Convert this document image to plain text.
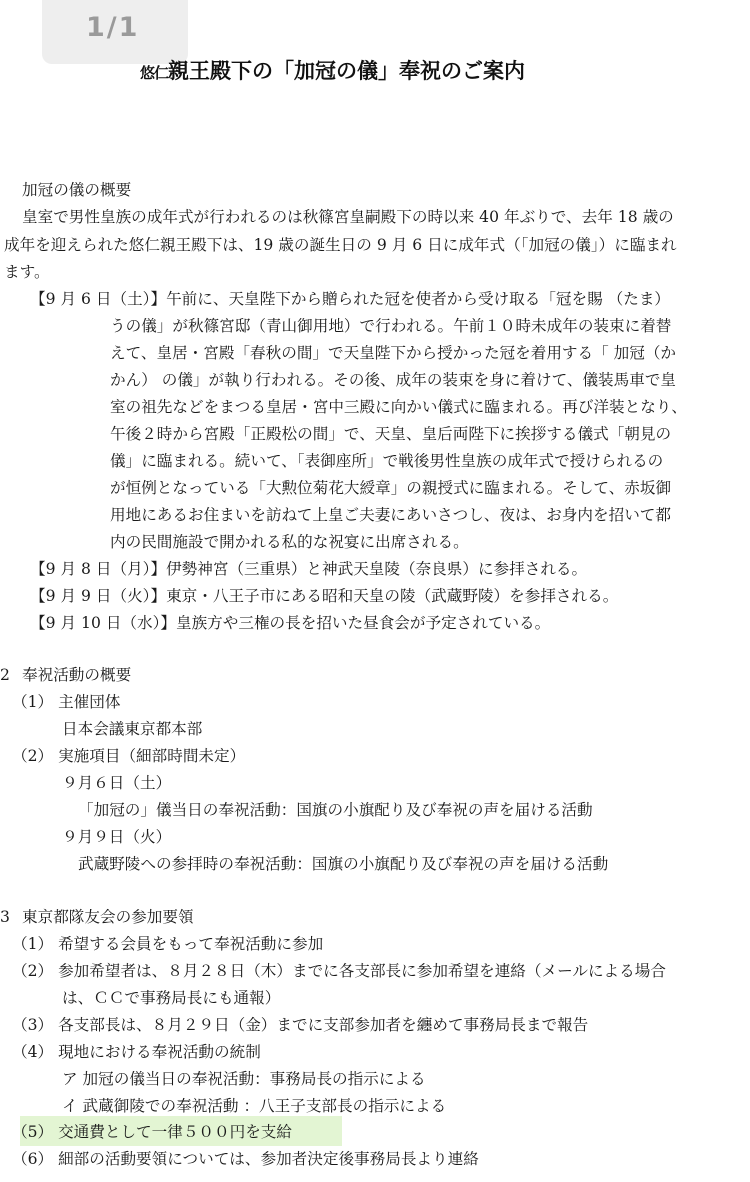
1/1
悠仁親王殿下の「加冠の儀」奉祝のご案内
加冠の儀の概要
皇室で男性皇族の成年式が行われるのは秋篠宮皇嗣殿下の時以来 40 年ぶりで、去年 18 歳の
成年を迎えられた悠仁親王殿下は、19 歳の誕生日の 9 月 6 日に成年式（「加冠の儀」）に臨まれ
ます。
【9 月 6 日（土）】午前に、天皇陛下から贈られた冠を使者から受け取る「冠を賜 （たま）
うの儀」が秋篠宮邸（青山御用地）で行われる。午前１０時未成年の装束に着替
えて、皇居・宮殿「春秋の間」で天皇陛下から授かった冠を着用する「 加冠（か
かん） の儀」が執り行われる。その後、成年の装束を身に着けて、儀装馬車で皇
室の祖先などをまつる皇居・宮中三殿に向かい儀式に臨まれる。再び洋装となり、
午後２時から宮殿「正殿松の間」で、天皇、皇后両陛下に挨拶する儀式「朝見の
儀」に臨まれる。続いて、「表御座所」で戦後男性皇族の成年式で授けられるの
が恒例となっている「大勲位菊花大綬章」の親授式に臨まれる。そして、赤坂御
用地にあるお住まいを訪ねて上皇ご夫妻にあいさつし、夜は、お身内を招いて都
内の民間施設で開かれる私的な祝宴に出席される。
【9 月 8 日（月）】伊勢神宮（三重県）と神武天皇陵（奈良県）に参拝される。
【9 月 9 日（火）】東京・八王子市にある昭和天皇の陵（武蔵野陵）を参拝される。
【9 月 10 日（水）】皇族方や三権の長を招いた昼食会が予定されている。
2 奉祝活動の概要
（1） 主催団体
日本会議東京都本部
（2） 実施項目（細部時間未定）
９月６日（土）
「加冠の」儀当日の奉祝活動：国旗の小旗配り及び奉祝の声を届ける活動
９月９日（火）
武蔵野陵への参拝時の奉祝活動：国旗の小旗配り及び奉祝の声を届ける活動
3 東京都隊友会の参加要領
（1） 希望する会員をもって奉祝活動に参加
（2） 参加希望者は、８月２８日（木）までに各支部長に参加希望を連絡（メールによる場合
は、ＣＣで事務局長にも通報）
（3） 各支部長は、８月２９日（金）までに支部参加者を纏めて事務局長まで報告
（4） 現地における奉祝活動の統制
ア 加冠の儀当日の奉祝活動：事務局長の指示による
イ 武蔵御陵での奉祝活動 ：八王子支部長の指示による
（5） 交通費として一律５００円を支給
（6） 細部の活動要領については、参加者決定後事務局長より連絡
